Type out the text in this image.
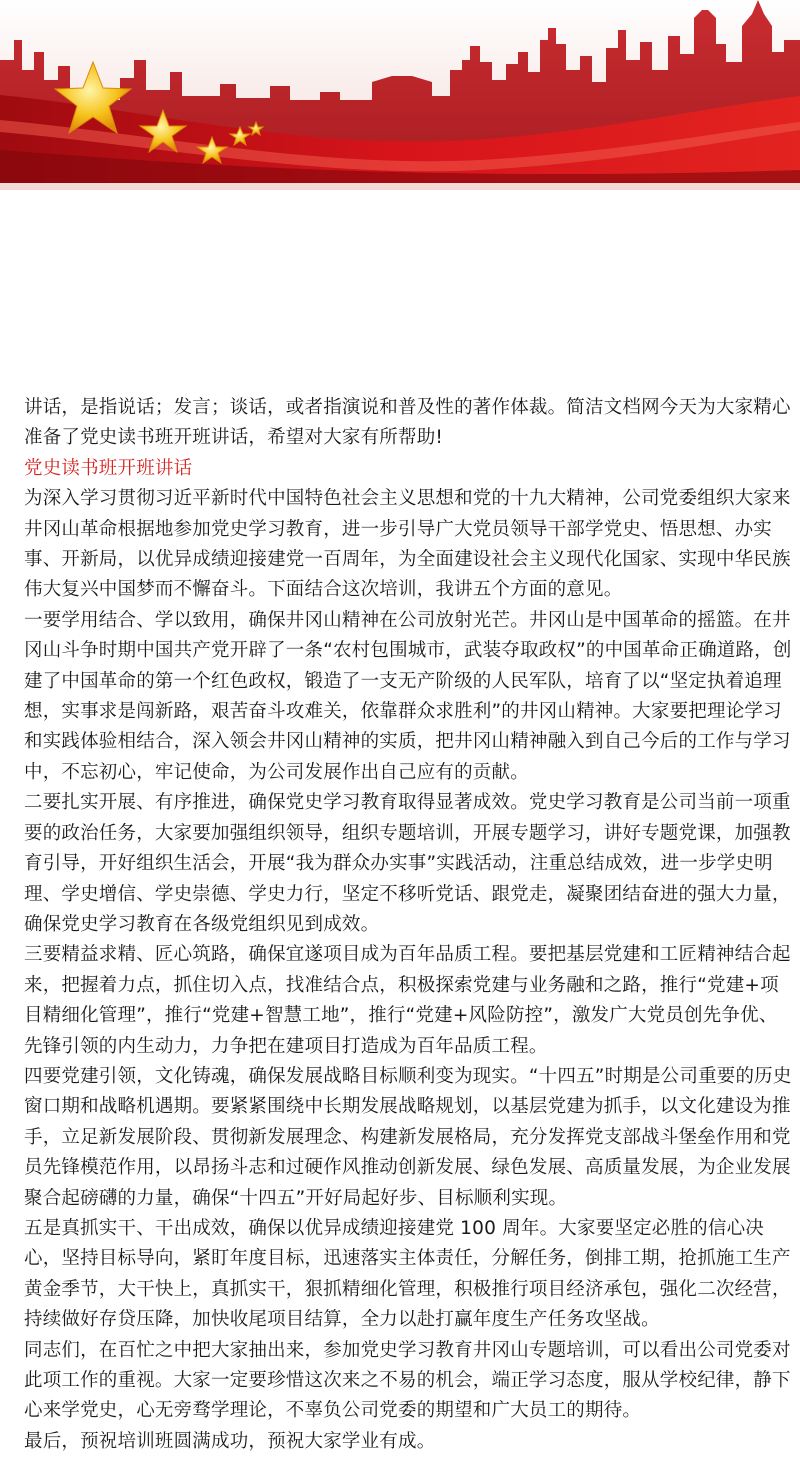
讲话，是指说话；发言；谈话，或者指演说和普及性的著作体裁。简洁文档网今天为大家精心准备了党史读书班开班讲话，希望对大家有所帮助!

党史读书班开班讲话

为深入学习贯彻习近平新时代中国特色社会主义思想和党的十九大精神，公司党委组织大家来井冈山革命根据地参加党史学习教育，进一步引导广大党员领导干部学党史、悟思想、办实事、开新局，以优异成绩迎接建党一百周年，为全面建设社会主义现代化国家、实现中华民族伟大复兴中国梦而不懈奋斗。下面结合这次培训，我讲五个方面的意见。

一要学用结合、学以致用，确保井冈山精神在公司放射光芒。井冈山是中国革命的摇篮。在井冈山斗争时期中国共产党开辟了一条“农村包围城市，武装夺取政权”的中国革命正确道路，创建了中国革命的第一个红色政权，锻造了一支无产阶级的人民军队，培育了以“坚定执着追理想，实事求是闯新路，艰苦奋斗攻难关，依靠群众求胜利”的井冈山精神。大家要把理论学习和实践体验相结合，深入领会井冈山精神的实质，把井冈山精神融入到自己今后的工作与学习中，不忘初心，牢记使命，为公司发展作出自己应有的贡献。

二要扎实开展、有序推进，确保党史学习教育取得显著成效。党史学习教育是公司当前一项重要的政治任务，大家要加强组织领导，组织专题培训，开展专题学习，讲好专题党课，加强教育引导，开好组织生活会，开展“我为群众办实事”实践活动，注重总结成效，进一步学史明理、学史增信、学史崇德、学史力行，坚定不移听党话、跟党走，凝聚团结奋进的强大力量，确保党史学习教育在各级党组织见到成效。

三要精益求精、匠心筑路，确保宜遂项目成为百年品质工程。要把基层党建和工匠精神结合起来，把握着力点，抓住切入点，找准结合点，积极探索党建与业务融和之路，推行“党建+项目精细化管理”，推行“党建+智慧工地”，推行“党建+风险防控”，激发广大党员创先争优、先锋引领的内生动力，力争把在建项目打造成为百年品质工程。

四要党建引领，文化铸魂，确保发展战略目标顺利变为现实。“十四五”时期是公司重要的历史窗口期和战略机遇期。要紧紧围绕中长期发展战略规划，以基层党建为抓手，以文化建设为推手，立足新发展阶段、贯彻新发展理念、构建新发展格局，充分发挥党支部战斗堡垒作用和党员先锋模范作用，以昂扬斗志和过硬作风推动创新发展、绿色发展、高质量发展，为企业发展聚合起磅礴的力量，确保“十四五”开好局起好步、目标顺利实现。

五是真抓实干、干出成效，确保以优异成绩迎接建党 100 周年。大家要坚定必胜的信心决心，坚持目标导向，紧盯年度目标，迅速落实主体责任，分解任务，倒排工期，抢抓施工生产黄金季节，大干快上，真抓实干，狠抓精细化管理，积极推行项目经济承包，强化二次经营，持续做好存贷压降，加快收尾项目结算，全力以赴打赢年度生产任务攻坚战。

同志们，在百忙之中把大家抽出来，参加党史学习教育井冈山专题培训，可以看出公司党委对此项工作的重视。大家一定要珍惜这次来之不易的机会，端正学习态度，服从学校纪律，静下心来学党史，心无旁骛学理论，不辜负公司党委的期望和广大员工的期待。

最后，预祝培训班圆满成功，预祝大家学业有成。
